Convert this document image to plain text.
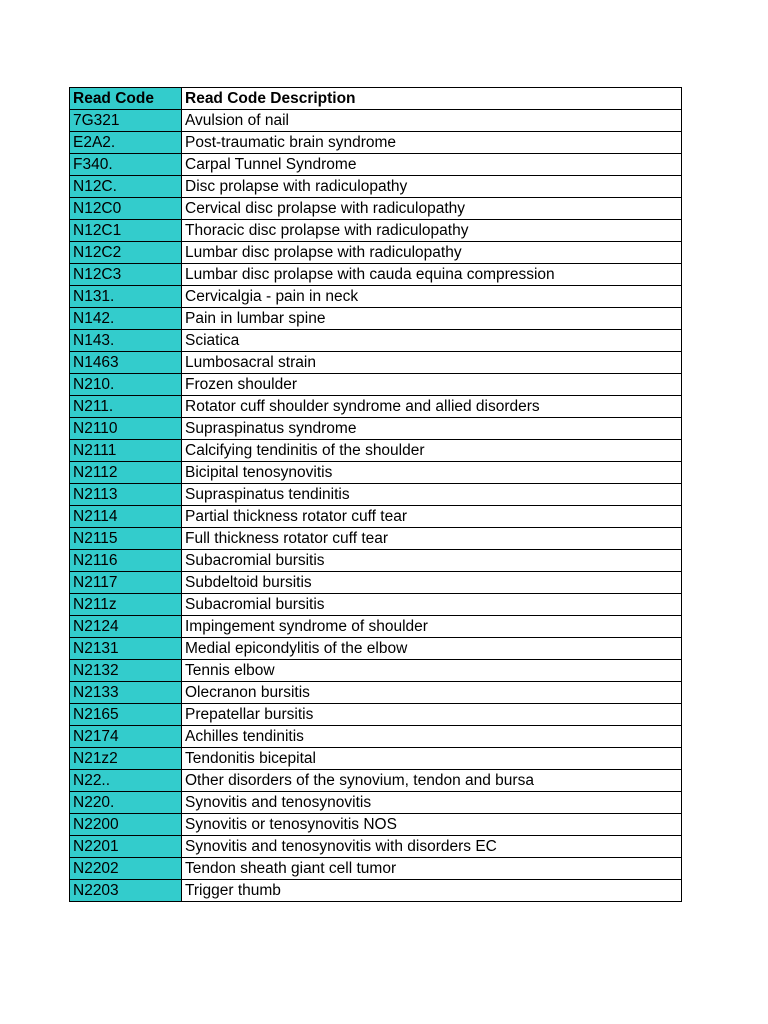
Read Code	Read Code Description
7G321	Avulsion of nail
E2A2.	Post-traumatic brain syndrome
F340.	Carpal Tunnel Syndrome
N12C.	Disc prolapse with radiculopathy
N12C0	Cervical disc prolapse with radiculopathy
N12C1	Thoracic disc prolapse with radiculopathy
N12C2	Lumbar disc prolapse with radiculopathy
N12C3	Lumbar disc prolapse with cauda equina compression
N131.	Cervicalgia - pain in neck
N142.	Pain in lumbar spine
N143.	Sciatica
N1463	Lumbosacral strain
N210.	Frozen shoulder
N211.	Rotator cuff shoulder syndrome and allied disorders
N2110	Supraspinatus syndrome
N2111	Calcifying tendinitis of the shoulder
N2112	Bicipital tenosynovitis
N2113	Supraspinatus tendinitis
N2114	Partial thickness rotator cuff tear
N2115	Full thickness rotator cuff tear
N2116	Subacromial bursitis
N2117	Subdeltoid bursitis
N211z	Subacromial bursitis
N2124	Impingement syndrome of shoulder
N2131	Medial epicondylitis of the elbow
N2132	Tennis elbow
N2133	Olecranon bursitis
N2165	Prepatellar bursitis
N2174	Achilles tendinitis
N21z2	Tendonitis bicepital
N22..	Other disorders of the synovium, tendon and bursa
N220.	Synovitis and tenosynovitis
N2200	Synovitis or tenosynovitis NOS
N2201	Synovitis and tenosynovitis with disorders EC
N2202	Tendon sheath giant cell tumor
N2203	Trigger thumb
